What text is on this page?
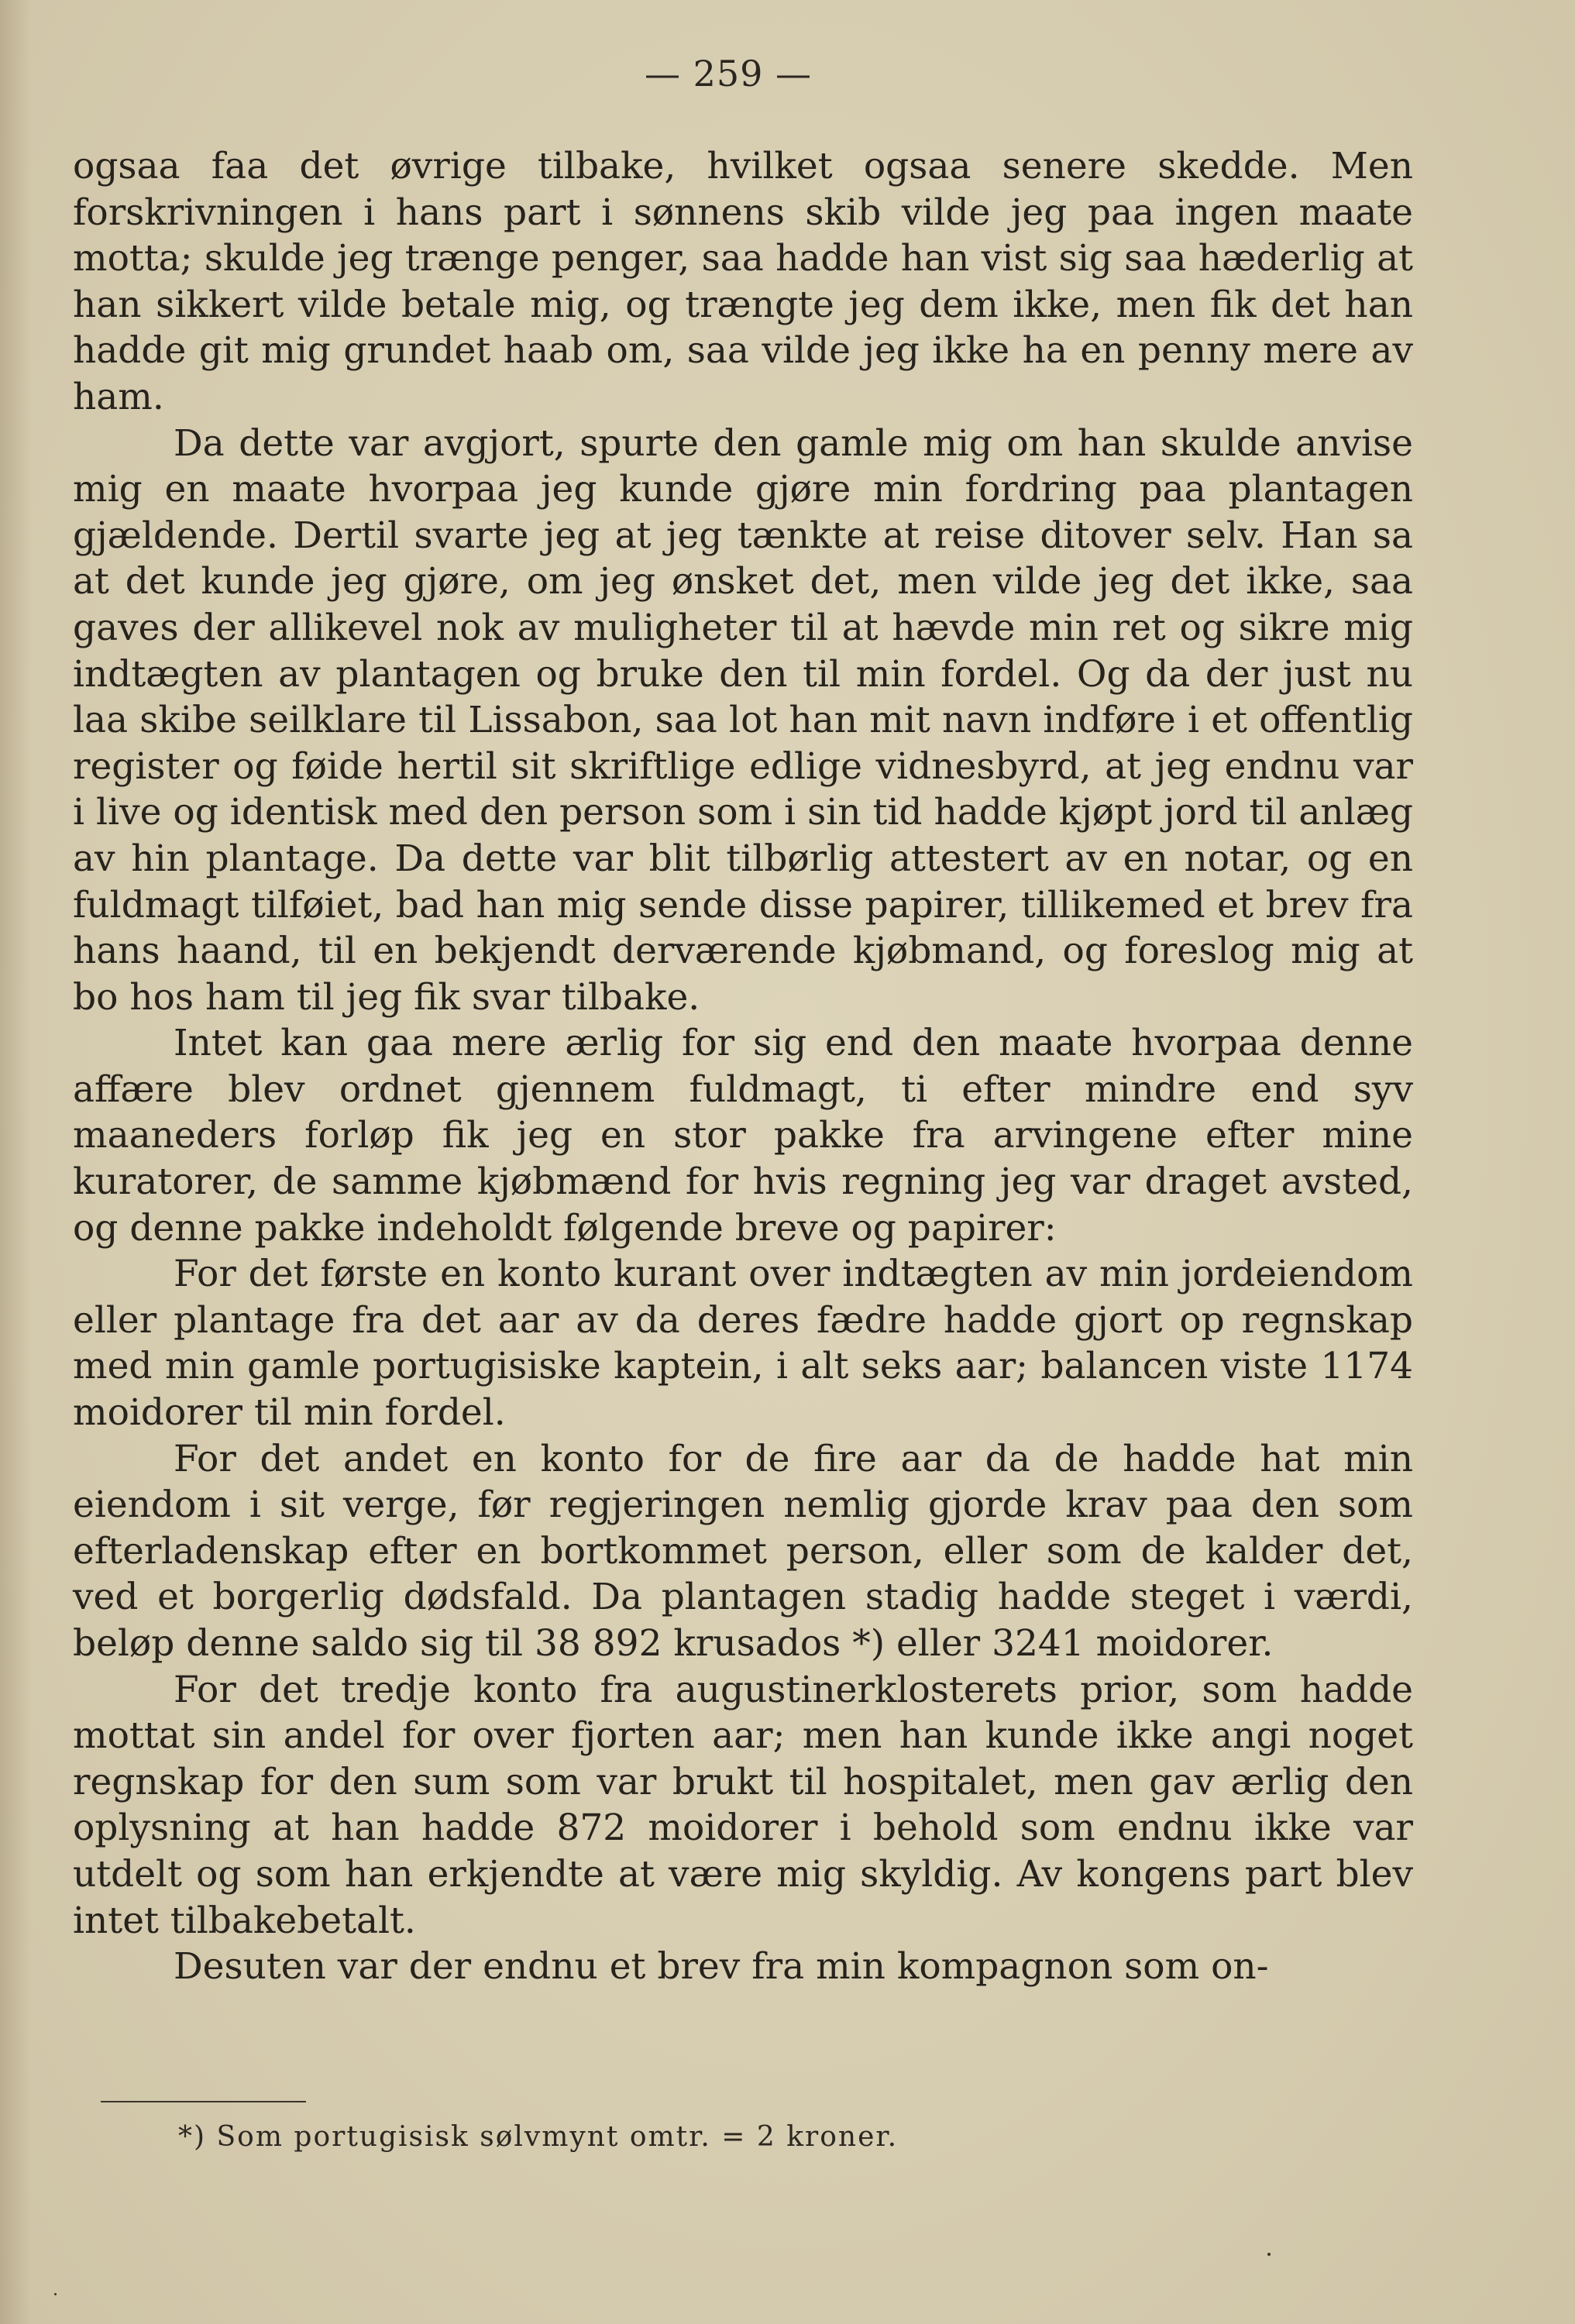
— 259 —

ogsaa faa det øvrige tilbake, hvilket ogsaa senere skedde. Men forskrivningen i hans part i sønnens skib vilde jeg paa ingen maate motta; skulde jeg trænge penger, saa hadde han vist sig saa hæderlig at han sikkert vilde betale mig, og trængte jeg dem ikke, men fik det han hadde git mig grundet haab om, saa vilde jeg ikke ha en penny mere av ham.

Da dette var avgjort, spurte den gamle mig om han skulde anvise mig en maate hvorpaa jeg kunde gjøre min fordring paa plantagen gjældende. Dertil svarte jeg at jeg tænkte at reise ditover selv. Han sa at det kunde jeg gjøre, om jeg ønsket det, men vilde jeg det ikke, saa gaves der allikevel nok av muligheter til at hævde min ret og sikre mig indtægten av plantagen og bruke den til min fordel. Og da der just nu laa skibe seilklare til Lissabon, saa lot han mit navn indføre i et offentlig register og føide hertil sit skriftlige edlige vidnesbyrd, at jeg endnu var i live og identisk med den person som i sin tid hadde kjøpt jord til anlæg av hin plantage. Da dette var blit tilbørlig attestert av en notar, og en fuldmagt tilføiet, bad han mig sende disse papirer, tillikemed et brev fra hans haand, til en bekjendt derværende kjøbmand, og foreslog mig at bo hos ham til jeg fik svar tilbake.

Intet kan gaa mere ærlig for sig end den maate hvorpaa denne affære blev ordnet gjennem fuldmagt, ti efter mindre end syv maaneders forløp fik jeg en stor pakke fra arvingene efter mine kuratorer, de samme kjøbmænd for hvis regning jeg var draget avsted, og denne pakke indeholdt følgende breve og papirer:

For det første en konto kurant over indtægten av min jordeiendom eller plantage fra det aar av da deres fædre hadde gjort op regnskap med min gamle portugisiske kaptein, i alt seks aar; balancen viste 1174 moidorer til min fordel.

For det andet en konto for de fire aar da de hadde hat min eiendom i sit verge, før regjeringen nemlig gjorde krav paa den som efterladenskap efter en bortkommet person, eller som de kalder det, ved et borgerlig dødsfald. Da plantagen stadig hadde steget i værdi, beløp denne saldo sig til 38 892 krusados *) eller 3241 moidorer.

For det tredje konto fra augustinerklosterets prior, som hadde mottat sin andel for over fjorten aar; men han kunde ikke angi noget regnskap for den sum som var brukt til hospitalet, men gav ærlig den oplysning at han hadde 872 moidorer i behold som endnu ikke var utdelt og som han erkjendte at være mig skyldig. Av kongens part blev intet tilbakebetalt.

Desuten var der endnu et brev fra min kompagnon som on-

*) Som portugisisk sølvmynt omtr. = 2 kroner.
